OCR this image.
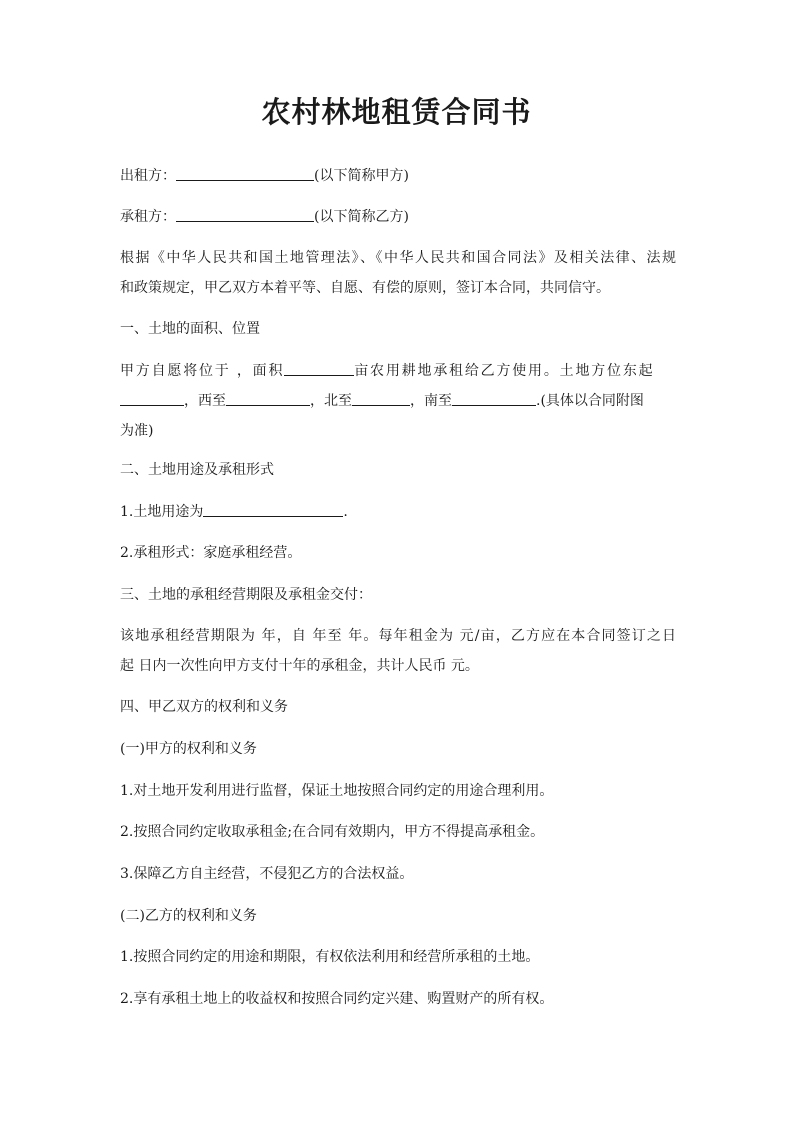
农村林地租赁合同书
出租方：	(以下简称甲方)
承租方：	(以下简称乙方)
根据《中华人民共和国土地管理法》、《中华人民共和国合同法》及相关法律、法规
和政策规定，甲乙双方本着平等、自愿、有偿的原则，签订本合同，共同信守。
一、土地的面积、位置
甲方自愿将位于 ，面积	亩农用耕地承租给乙方使用。土地方位东起
，西至	，北至	，南至	.(具体以合同附图
为准)
二、土地用途及承租形式
1.土地用途为	.
2.承租形式：家庭承租经营。
三、土地的承租经营期限及承租金交付：
该地承租经营期限为 年，自 年至 年。每年租金为 元/亩，乙方应在本合同签订之日
起 日内一次性向甲方支付十年的承租金，共计人民币 元。
四、甲乙双方的权利和义务
(一)甲方的权利和义务
1.对土地开发利用进行监督，保证土地按照合同约定的用途合理利用。
2.按照合同约定收取承租金;在合同有效期内，甲方不得提高承租金。
3.保障乙方自主经营，不侵犯乙方的合法权益。
(二)乙方的权利和义务
1.按照合同约定的用途和期限，有权依法利用和经营所承租的土地。
2.享有承租土地上的收益权和按照合同约定兴建、购置财产的所有权。
